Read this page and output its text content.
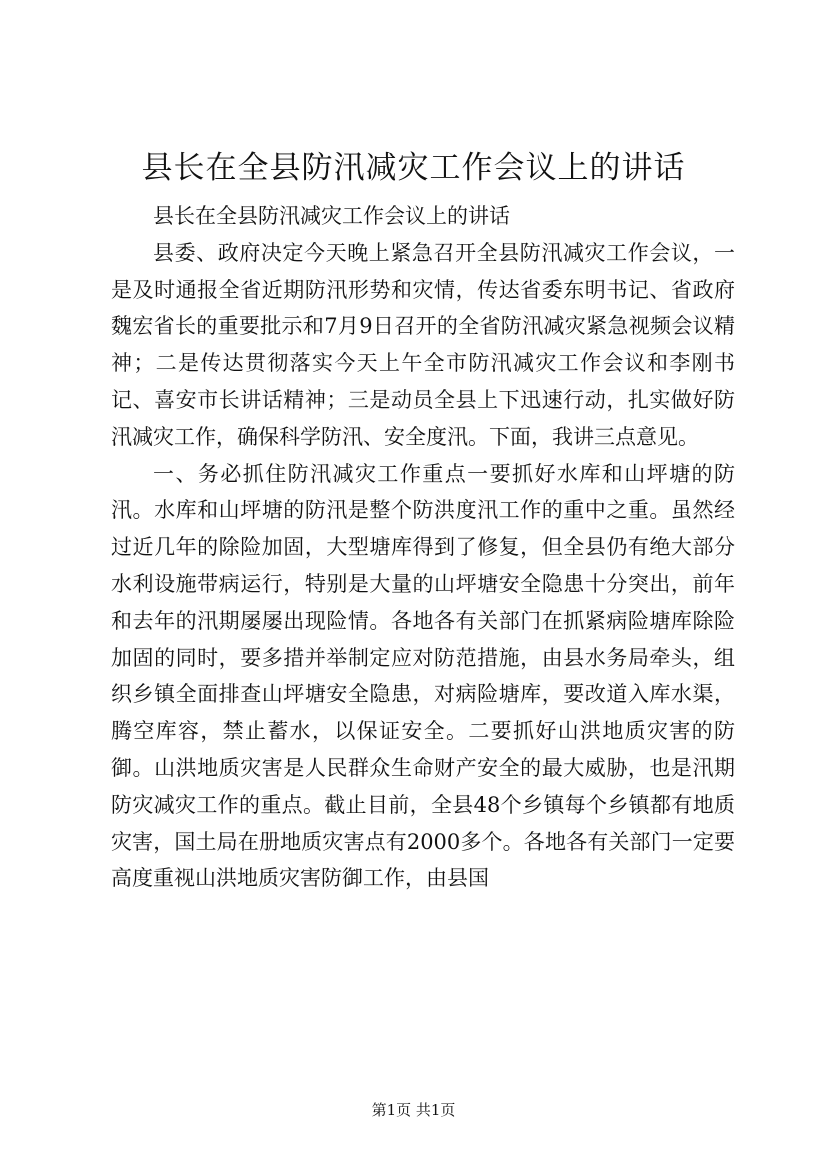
县长在全县防汛减灾工作会议上的讲话

县长在全县防汛减灾工作会议上的讲话

县委、政府决定今天晚上紧急召开全县防汛减灾工作会议，一是及时通报全省近期防汛形势和灾情，传达省委东明书记、省政府魏宏省长的重要批示和7月9日召开的全省防汛减灾紧急视频会议精神；二是传达贯彻落实今天上午全市防汛减灾工作会议和李刚书记、喜安市长讲话精神；三是动员全县上下迅速行动，扎实做好防汛减灾工作，确保科学防汛、安全度汛。下面，我讲三点意见。

一、务必抓住防汛减灾工作重点一要抓好水库和山坪塘的防汛。水库和山坪塘的防汛是整个防洪度汛工作的重中之重。虽然经过近几年的除险加固，大型塘库得到了修复，但全县仍有绝大部分水利设施带病运行，特别是大量的山坪塘安全隐患十分突出，前年和去年的汛期屡屡出现险情。各地各有关部门在抓紧病险塘库除险加固的同时，要多措并举制定应对防范措施，由县水务局牵头，组织乡镇全面排查山坪塘安全隐患，对病险塘库，要改道入库水渠，腾空库容，禁止蓄水，以保证安全。二要抓好山洪地质灾害的防御。山洪地质灾害是人民群众生命财产安全的最大威胁，也是汛期防灾减灾工作的重点。截止目前，全县48个乡镇每个乡镇都有地质灾害，国土局在册地质灾害点有2000多个。各地各有关部门一定要高度重视山洪地质灾害防御工作，由县国

第1页 共1页
